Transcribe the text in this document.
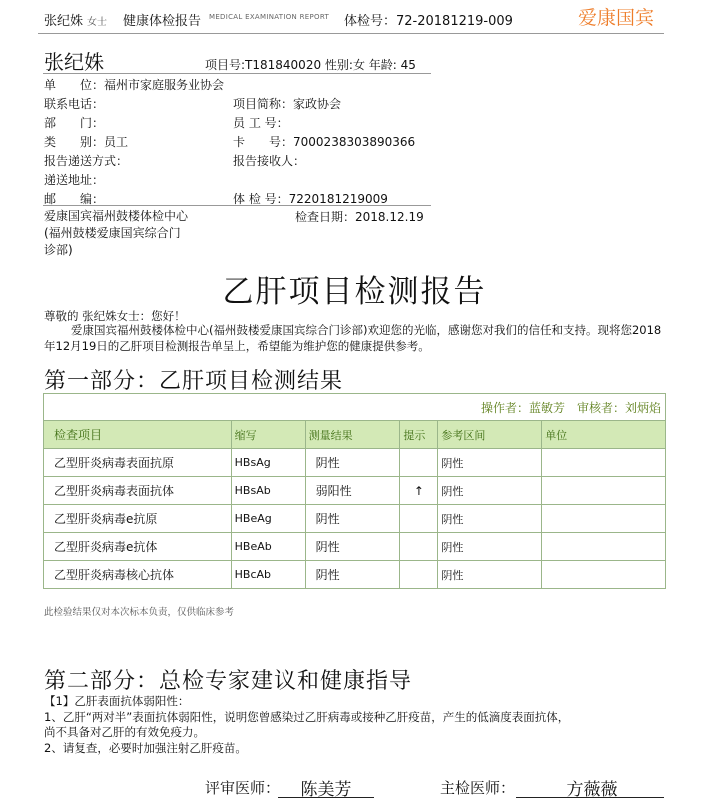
张纪姝 女士 健康体检报告 MEDICAL EXAMINATION REPORT 体检号：72-20181219-009	爱康国宾
张纪姝	项目号:T181840020 性别:女 年龄: 45
单　　位：福州市家庭服务业协会
联系电话：	项目简称：家政协会
部　　门：	员 工 号：
类　　别：员工	卡　　号：7000238303890366
报告递送方式：	报告接收人：
递送地址：
邮　　编：	体 检 号：7220181219009
爱康国宾福州鼓楼体检中心
(福州鼓楼爱康国宾综合门
诊部)
检查日期：2018.12.19
乙肝项目检测报告
尊敬的 张纪姝女士：您好！
爱康国宾福州鼓楼体检中心(福州鼓楼爱康国宾综合门诊部)欢迎您的光临，感谢您对我们的信任和支持。现将您2018年12月19日的乙肝项目检测报告单呈上，希望能为维护您的健康提供参考。
第一部分：乙肝项目检测结果
操作者：蓝敏芳　审核者：刘炳焰					
检查项目	缩写	测量结果	提示	参考区间	单位
乙型肝炎病毒表面抗原	HBsAg	阴性		阴性	
乙型肝炎病毒表面抗体	HBsAb	弱阳性	↑	阴性	
乙型肝炎病毒e抗原	HBeAg	阴性		阴性	
乙型肝炎病毒e抗体	HBeAb	阴性		阴性	
乙型肝炎病毒核心抗体	HBcAb	阴性		阴性	
此检验结果仅对本次标本负责，仅供临床参考
第二部分：总检专家建议和健康指导
【1】乙肝表面抗体弱阳性：
1、乙肝“两对半”表面抗体弱阳性，说明您曾感染过乙肝病毒或接种乙肝疫苗，产生的低滴度表面抗体，
尚不具备对乙肝的有效免疫力。
2、请复查，必要时加强注射乙肝疫苗。
评审医师：	陈美芳	主检医师：	方薇薇
